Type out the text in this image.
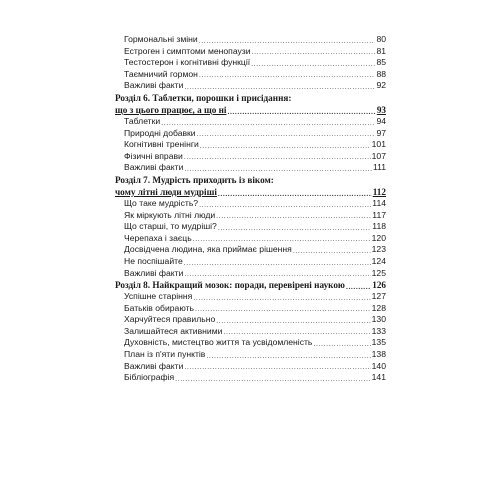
Гормональні зміни .....	80
Естроген і симптоми менопаузи .....	81
Тестостерон і когнітивні функції .....	85
Таємничий гормон .....	88
Важливі факти .....	92
Розділ 6. Таблетки, порошки і присідання:
що з цього працює, а що ні .....	93
Таблетки .....	94
Природні добавки .....	97
Когнітивні тренінги .....	101
Фізичні вправи .....	107
Важливі факти .....	111
Розділ 7. Мудрість приходить із віком:
чому літні люди мудріші .....	112
Що таке мудрість? .....	114
Як міркують літні люди .....	117
Що старші, то мудріші? .....	118
Черепаха і заєць .....	120
Досвідчена людина, яка приймає рішення .....	123
Не поспішайте .....	124
Важливі факти .....	125
Розділ 8. Найкращий мозок: поради, перевірені наукою .....	126
Успішне старіння .....	127
Батьків обирають .....	128
Харчуйтеся правильно .....	130
Залишайтеся активними .....	133
Духовність, мистецтво життя та усвідомленість .....	135
План із п'яти пунктів .....	138
Важливі факти .....	140
Бібліографія .....	141
